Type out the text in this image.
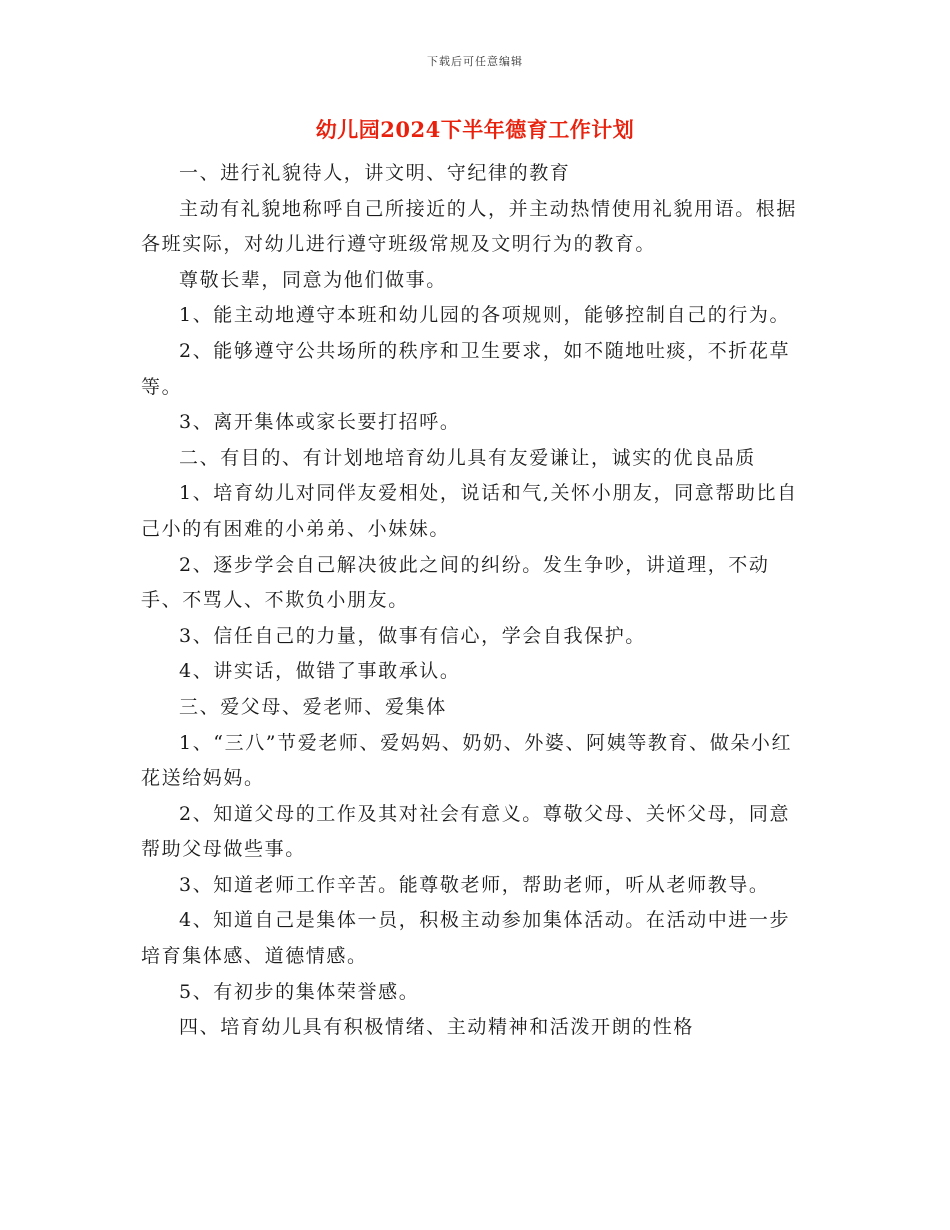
下载后可任意编辑
幼儿园2024下半年德育工作计划

一、进行礼貌待人，讲文明、守纪律的教育

主动有礼貌地称呼自己所接近的人，并主动热情使用礼貌用语。根据各班实际，对幼儿进行遵守班级常规及文明行为的教育。

尊敬长辈，同意为他们做事。

1、能主动地遵守本班和幼儿园的各项规则，能够控制自己的行为。

2、能够遵守公共场所的秩序和卫生要求，如不随地吐痰，不折花草等。

3、离开集体或家长要打招呼。

二、有目的、有计划地培育幼儿具有友爱谦让，诚实的优良品质

1、培育幼儿对同伴友爱相处，说话和气,关怀小朋友，同意帮助比自己小的有困难的小弟弟、小妹妹。

2、逐步学会自己解决彼此之间的纠纷。发生争吵，讲道理，不动手、不骂人、不欺负小朋友。

3、信任自己的力量，做事有信心，学会自我保护。

4、讲实话，做错了事敢承认。

三、爱父母、爱老师、爱集体

1、“三八”节爱老师、爱妈妈、奶奶、外婆、阿姨等教育、做朵小红花送给妈妈。

2、知道父母的工作及其对社会有意义。尊敬父母、关怀父母，同意帮助父母做些事。

3、知道老师工作辛苦。能尊敬老师，帮助老师，听从老师教导。

4、知道自己是集体一员，积极主动参加集体活动。在活动中进一步培育集体感、道德情感。

5、有初步的集体荣誉感。

四、培育幼儿具有积极情绪、主动精神和活泼开朗的性格
